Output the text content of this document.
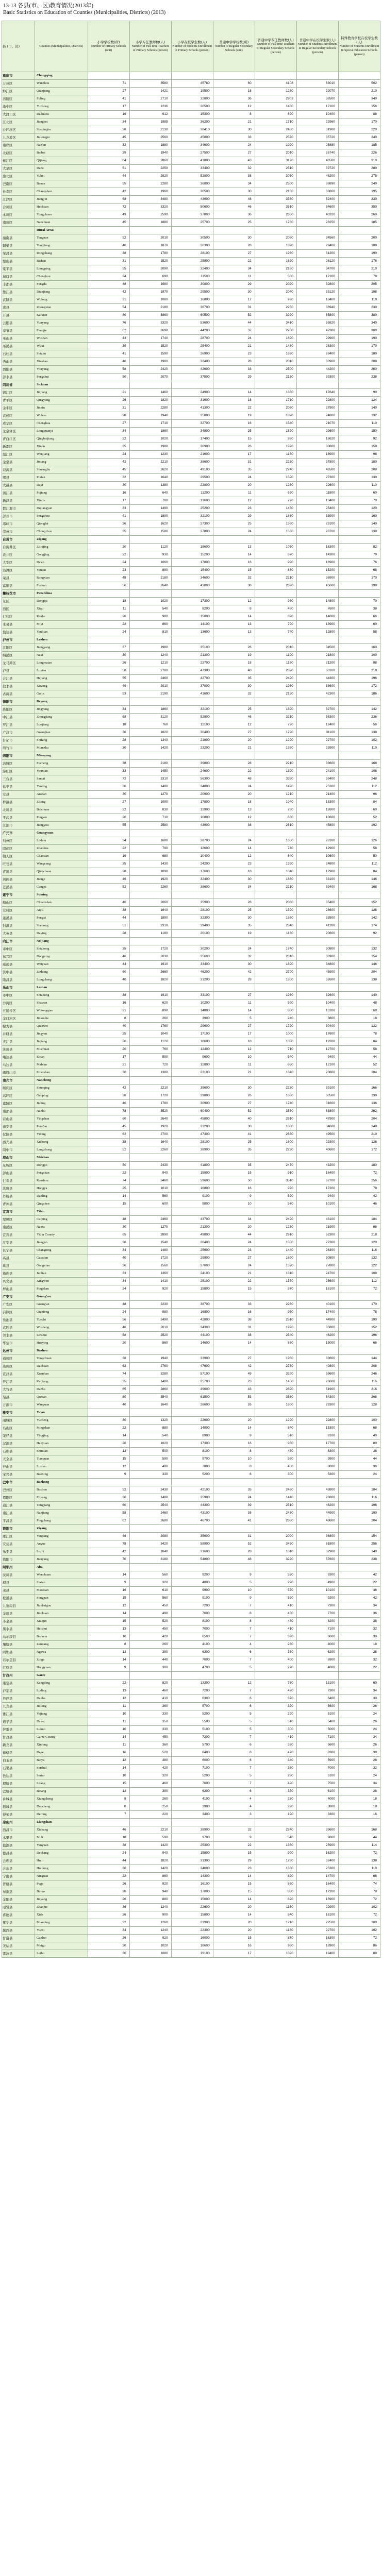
13-13 各县(市、区)教育情况(2013年)
Basic Statistics on Education of Counties (Municipalities, Districts) (2013)
县 (市、区)	Counties (Municipalities, Districts)	小学学校数(所)
Number of Primary Schools (unit)	小学专任教师数(人)
Number of Full-time Teachers of Primary Schools (person)	小学在校学生数(人)
Number of Students Enrollment in Primary Schools (person)	普通中学学校数(所)
Number of Regular Secondary Schools (unit)	普通中学专任教师数(人)
Number of Full-time Teachers of Regular Secondary Schools (person)	普通中学在校学生数(人)
Number of Students Enrollment in Regular Secondary Schools (person)	特殊教育学校在校学生数(人)
Number of Students Enrollment in Special Education Schools (person)

重庆市	Chongqing							
万州区	Wanzhou	71	3580	45780	60	4108	63010	502
黔江区	Qianjiang	27	1421	19500	18	1280	22070	210
涪陵区	Fuling	41	2710	32800	36	2903	38500	340
渝中区	Yuzhong	17	1236	20500	12	1480	17100	156
大渡口区	Dadukou	16	912	15300	8	690	10400	88
江北区	Jiangbei	34	1985	36200	21	1710	22960	170
沙坪坝区	Shapingba	38	2130	38410	30	2480	31900	220
九龙坡区	Jiulongpo	45	2560	45800	33	2570	35720	240
南岸区	Nan'an	32	1880	34600	24	1920	25880	185
北碚区	Beibei	39	1940	27500	27	2010	26740	226
綦江区	Qijiang	64	2860	41800	43	3120	46500	310
大足区	Dazu	51	2250	33400	32	2510	39720	280
渝北区	Yubei	44	2920	52800	38	3050	46200	275
巴南区	Banan	55	2280	36800	34	2500	36890	240
长寿区	Changshou	42	1960	30500	30	2150	33600	195
江津区	Jiangjin	68	3480	43900	48	3580	52400	330
合川区	Hechuan	72	3320	50600	46	3510	54600	350
永川区	Yongchuan	49	2590	37800	36	2650	40320	260
南川区	Nanchuan	45	1880	25700	25	1780	28250	185
	Rural Areas							
潼南县	Tongnan	52	2010	30500	30	2080	34560	200
铜梁县	Tongliang	40	1870	26300	28	1890	29400	180
荣昌县	Rongchang	38	1780	28100	27	1930	31200	190
璧山县	Bishan	31	1520	25900	22	1620	26120	176
梁平县	Liangping	55	2090	32400	34	2180	34700	210
城口县	Chengkou	24	690	11500	11	580	12100	78
丰都县	Fengdu	48	1980	30800	29	2020	32800	205
垫江县	Dianjiang	42	1970	29500	30	2040	33120	198
武隆县	Wulong	31	1080	16800	17	990	18400	110
忠县	Zhongxian	54	2180	36700	31	2260	36940	230
开县	Kaixian	80	3860	60500	52	3920	65800	380
云阳县	Yunyang	76	3320	53600	44	3410	55820	340
奉节县	Fengjie	62	2690	44200	37	2780	47300	300
巫山县	Wushan	43	1740	28700	24	1690	29900	190
巫溪县	Wuxi	39	1520	25400	21	1480	26300	170
石柱县	Shizhu	41	1590	26900	23	1620	28400	180
秀山县	Xiushan	46	1980	32400	28	2010	33900	208
酉阳县	Youyang	58	2420	42600	33	2500	44200	260
彭水县	Pengshui	50	2070	37500	29	2130	39300	238
四川省	Sichuan							
锦江区	Jinjiang	21	1460	24900	14	1380	17640	90
青羊区	Qingyang	26	1820	31600	18	1710	22800	124
金牛区	Jinniu	31	2280	41300	22	2060	27900	140
武侯区	Wuhou	28	1940	35800	19	1820	24800	132
成华区	Chenghua	27	1710	32700	16	1540	21070	110
龙泉驿区	Longquanyi	34	1860	34800	25	1820	29600	150
青白江区	Qingbaijiang	22	1020	17400	15	980	16620	92
新都区	Xindu	35	1980	36900	26	1970	30800	158
温江区	Wenjiang	24	1230	21600	17	1180	18900	98
金堂县	Jintang	42	2210	38600	31	2230	37800	180
双流县	Shuangliu	45	2620	49100	35	2740	46500	208
郫县	Pixian	32	1640	29500	24	1590	27300	130
大邑县	Dayi	30	1380	22800	20	1260	22600	110
蒲江县	Pujiang	16	640	11200	11	620	11800	60
新津县	Xinjin	17	780	13600	12	720	13400	70
都江堰市	Dujiangyan	33	1490	25200	23	1450	25400	120
彭州市	Pengzhou	41	1890	32100	29	1860	33900	160
邛崃市	Qionglai	36	1620	27300	25	1560	29100	140
崇州市	Chongzhou	35	1580	27800	24	1530	28700	138
自贡市	Zigong							
自流井区	Ziliujing	20	1120	18600	13	1050	16300	82
贡井区	Gongjing	22	930	15200	14	870	14300	70
大安区	Da'an	24	1060	17800	16	990	16900	76
沿滩区	Yantan	23	890	15400	15	830	15200	68
荣县	Rongxian	48	2180	34600	32	2210	36900	170
富顺县	Fushun	56	2640	43800	38	2690	45600	198
攀枝花市	Panzhihua							
东区	Dongqu	18	1020	17300	12	980	14800	70
西区	Xiqu	11	540	8200	8	480	7600	38
仁和区	Renhe	26	980	15800	14	890	14600	66
米易县	Miyi	22	860	14100	13	790	13900	60
盐边县	Yanbian	24	810	13600	13	740	12800	58
泸州市	Luzhou							
江阳区	Jiangyang	37	1980	35100	26	2010	34500	160
纳溪区	Naxi	30	1240	21300	19	1190	21800	100
龙马潭区	Longmatan	26	1210	22700	18	1180	21200	98
泸县	Luxian	58	2780	47300	40	2820	50100	210
合江县	Hejiang	55	2460	42700	35	2490	44300	196
叙永县	Xuyong	49	2010	37900	30	1980	38600	172
古蔺县	Gulin	53	2190	41600	32	2150	42300	186
德阳市	Deyang							
旌阳区	Jingyang	34	1860	32100	25	1890	32700	142
中江县	Zhongjiang	68	3120	52800	46	3210	56300	236
罗江县	Luojiang	18	760	12100	12	720	12400	56
广汉市	Guanghan	36	1820	30400	27	1790	31100	138
什邡市	Shifang	28	1340	21900	20	1290	22700	102
绵竹市	Mianzhu	30	1420	23200	21	1380	23900	110
绵阳市	Mianyang							
涪城区	Fucheng	38	2180	39800	28	2210	38600	168
游仙区	Youxian	33	1450	24600	22	1390	24100	108
三台县	Santai	72	3310	56300	48	3380	59400	248
盐亭县	Yanting	36	1480	24800	24	1420	25300	112
安县	Anxian	30	1270	20900	20	1210	21400	96
梓潼县	Zitong	27	1090	17800	18	1040	18300	84
北川县	Beichuan	22	830	12900	13	780	12600	60
平武县	Pingwu	20	710	10800	12	660	10600	52
江油市	Jiangyou	55	2580	43900	38	2610	45800	192
广元市	Guangyuan							
利州区	Lizhou	34	1680	28700	24	1650	28100	126
昭化区	Zhaohua	22	790	12600	14	740	12900	58
朝天区	Chaotian	19	680	10400	12	640	10600	50
旺苍县	Wangcang	35	1430	24200	23	1390	24800	112
青川县	Qingchuan	28	1090	17600	18	1040	17900	84
剑阁县	Jiange	46	1920	32400	30	1880	33100	146
苍溪县	Cangxi	52	2260	38600	34	2210	39400	168
遂宁市	Suining							
船山区	Chuanshan	40	2060	35900	28	2080	35400	152
安居区	Anju	38	1640	28100	25	1590	28600	128
蓬溪县	Pengxi	44	1890	32300	30	1860	33500	142
射洪县	Shehong	51	2310	39400	35	2340	41200	174
大英县	Daying	28	1180	20100	19	1130	20600	92
内江市	Neijiang							
市中区	Shizhong	35	1720	30200	24	1740	30800	132
东兴区	Dongxing	46	2030	35600	32	2010	36900	154
威远县	Weiyuan	44	1910	33400	30	1890	34800	146
资中县	Zizhong	60	2660	46200	42	2700	48900	204
隆昌县	Longchang	40	1820	31200	28	1800	32600	138
乐山市	Leshan							
市中区	Shizhong	38	1910	33100	27	1930	32600	140
沙湾区	Shawan	16	620	10200	11	590	10400	48
五通桥区	Wutongqiao	21	890	14800	14	860	15200	68
金口河区	Jinkouhe	8	260	3900	5	240	3800	18
犍为县	Qianwei	40	1760	29600	27	1720	30400	132
井研县	Jingyan	25	1040	17100	17	1000	17600	78
夹江县	Jiajiang	26	1120	18600	18	1080	19200	84
沐川县	Muchuan	20	760	12400	12	710	12700	58
峨边县	Ebian	17	590	9600	10	540	9400	44
马边县	Mabian	21	720	12800	11	650	12100	52
峨眉山市	Emeishan	30	1380	23100	21	1340	23800	104
南充市	Nanchong							
顺庆区	Shunqing	42	2210	39600	30	2230	39100	166
高坪区	Gaoping	38	1720	29800	26	1680	30500	130
嘉陵区	Jialing	40	1780	30900	27	1740	31600	136
南部县	Nanbu	78	3520	60400	52	3560	63800	262
营山县	Yingshan	60	2640	45800	40	2610	47900	204
蓬安县	Peng'an	45	1920	33200	30	1880	34600	148
仪陇县	Yilong	62	2700	47300	41	2680	49500	210
西充县	Xichong	38	1640	28100	25	1600	29300	126
阆中市	Langzhong	52	2260	38900	35	2230	40600	172
眉山市	Meishan							
东坡区	Dongpo	50	2430	41800	35	2470	43200	180
彭山县	Pengshan	22	940	15900	15	910	16400	72
仁寿县	Renshou	74	3460	59600	50	3510	62700	256
洪雅县	Hongya	25	1010	16800	16	970	17200	78
丹棱县	Danling	14	560	9100	9	520	9400	42
青神县	Qingshen	15	600	9800	10	570	10100	46
宜宾市	Yibin							
翠屏区	Cuiping	48	2460	43700	34	2490	43100	184
南溪区	Nanxi	30	1270	21300	20	1230	21900	98
宜宾县	Yibin County	65	2890	49800	44	2910	52300	218
江安县	Jiang'an	36	1540	26400	24	1500	27300	120
长宁县	Changning	34	1480	25600	23	1440	26300	116
高县	Gaoxian	40	1720	29900	27	1690	30800	132
珙县	Gongxian	36	1560	27000	24	1520	27800	122
筠连县	Junlian	33	1360	24100	21	1310	24700	108
兴文县	Xingwen	34	1410	25100	22	1370	25600	112
屏山县	Pingshan	24	920	15800	15	870	16100	72
广安市	Guang'an							
广安区	Guang'an	48	2230	38700	33	2260	40100	170
前锋区	Qianfeng	24	980	16800	16	950	17400	78
岳池县	Yuechi	56	2490	42800	38	2510	44900	190
武胜县	Wusheng	46	2010	34300	31	1990	35800	152
邻水县	Linshui	58	2520	44100	38	2540	46200	196
华蓥市	Huaying	20	860	14600	14	830	15000	66
达州市	Dazhou							
通川区	Tongchuan	38	1940	33900	27	1960	33600	144
达川区	Dachuan	62	2760	47600	42	2780	49800	208
宣汉县	Xuanhan	74	3280	57100	49	3290	59600	246
开江县	Kaijiang	35	1480	25700	23	1450	26600	116
大竹县	Dazhu	65	2860	49600	43	2890	51900	216
渠县	Quxian	80	3540	61500	53	3580	64300	268
万源市	Wanyuan	40	1640	28600	26	1600	29300	128
雅安市	Ya'an							
雨城区	Yucheng	30	1320	22600	20	1290	22800	100
名山区	Mingshan	22	880	14900	14	840	15300	68
荥经县	Yingjing	14	540	8900	9	510	9100	40
汉源县	Hanyuan	26	1020	17300	16	980	17700	80
石棉县	Shimian	13	500	8100	8	470	8300	38
天全县	Tianquan	15	590	9700	10	560	9900	44
芦山县	Lushan	12	480	7800	8	450	8000	36
宝兴县	Baoxing	9	330	5200	6	300	5300	24
巴中市	Bazhong							
巴州区	Bazhou	52	2430	42100	35	2460	43800	184
恩阳区	Enyang	36	1480	25900	24	1440	26800	116
通江县	Tongjiang	60	2540	44300	39	2510	46200	196
南江县	Nanjiang	58	2460	43100	38	2430	44900	190
平昌县	Pingchang	62	2680	46700	41	2660	48600	204
资阳市	Ziyang							
雁江区	Yanjiang	46	2080	35600	31	2090	36800	154
安岳县	Anyue	78	3420	58900	52	3450	61800	256
乐至县	Lezhi	42	1840	31600	28	1810	32900	140
简阳市	Jianyang	70	3180	54800	48	3220	57600	238
阿坝州	Aba							
汶川县	Wenchuan	14	560	9200	9	520	9300	42
理县	Lixian	9	320	4800	5	290	4900	22
茂县	Maoxian	16	610	9900	10	570	10100	46
松潘县	Songpan	15	560	9100	9	520	9200	42
九寨沟县	Jiuzhaigou	12	450	7200	7	410	7300	34
金川县	Jinchuan	14	490	7600	8	450	7700	36
小金县	Xiaojin	15	520	8100	8	480	8200	38
黑水县	Heishui	13	450	7000	7	410	7100	32
马尔康县	Barkam	10	420	6500	7	390	6600	30
壤塘县	Zamtang	8	260	4100	4	230	4000	18
阿坝县	Ngawa	12	390	6300	6	350	6200	28
若尔盖县	Zoige	14	440	7000	7	400	6900	32
红原县	Hongyuan	9	300	4700	5	270	4600	22
甘孜州	Garze							
康定县	Kangding	22	820	13300	12	760	13100	60
泸定县	Luding	13	460	7200	7	420	7300	34
丹巴县	Danba	12	410	6300	6	370	6400	30
九龙县	Jiulong	11	360	5700	6	320	5600	26
雅江县	Yajiang	10	330	5200	5	290	5100	24
道孚县	Dawu	11	350	5500	5	310	5400	26
炉霍县	Luhuo	10	330	5100	5	300	5000	24
甘孜县	Garze County	14	450	7200	7	410	7100	34
新龙县	Xinlong	11	360	5700	6	320	5600	26
德格县	Dege	16	520	8400	8	470	8300	38
白玉县	Baiyu	12	380	6000	6	340	5900	28
石渠县	Sershul	14	420	7100	7	380	7000	32
色达县	Sertar	10	320	5200	5	280	5100	24
理塘县	Litang	15	460	7600	7	420	7500	34
巴塘县	Batang	12	390	6200	6	350	6100	28
乡城县	Xiangcheng	8	260	4100	4	230	4000	18
稻城县	Daocheng	8	250	3900	4	220	3800	18
得荣县	Derong	7	220	3400	3	190	3300	16
凉山州	Liangshan							
西昌市	Xichang	46	2210	38900	32	2240	39600	168
木里县	Muli	18	590	9700	9	540	9600	44
盐源县	Yanyuan	38	1420	25300	22	1360	25900	114
德昌县	Dechang	24	940	15800	15	900	16200	72
会理县	Huili	44	1820	31300	29	1780	32400	138
会东县	Huidong	36	1420	24600	23	1380	25300	110
宁南县	Ningnan	22	860	14300	14	820	14700	66
普格县	Puge	26	920	16100	15	860	16400	74
布拖县	Butuo	28	940	17000	15	880	17200	78
金阳县	Jinyang	26	880	15600	14	820	15900	72
昭觉县	Zhaojue	36	1240	22600	20	1160	22900	102
喜德县	Xide	26	900	15800	14	840	16100	72
冕宁县	Mianning	32	1260	21900	20	1210	22500	100
越西县	Yuexi	34	1240	22300	20	1180	22700	102
甘洛县	Ganluo	26	920	16000	15	870	16300	72
美姑县	Meigu	30	1020	18600	16	960	18900	86
雷波县	Leibo	30	1080	19100	17	1020	19400	88
